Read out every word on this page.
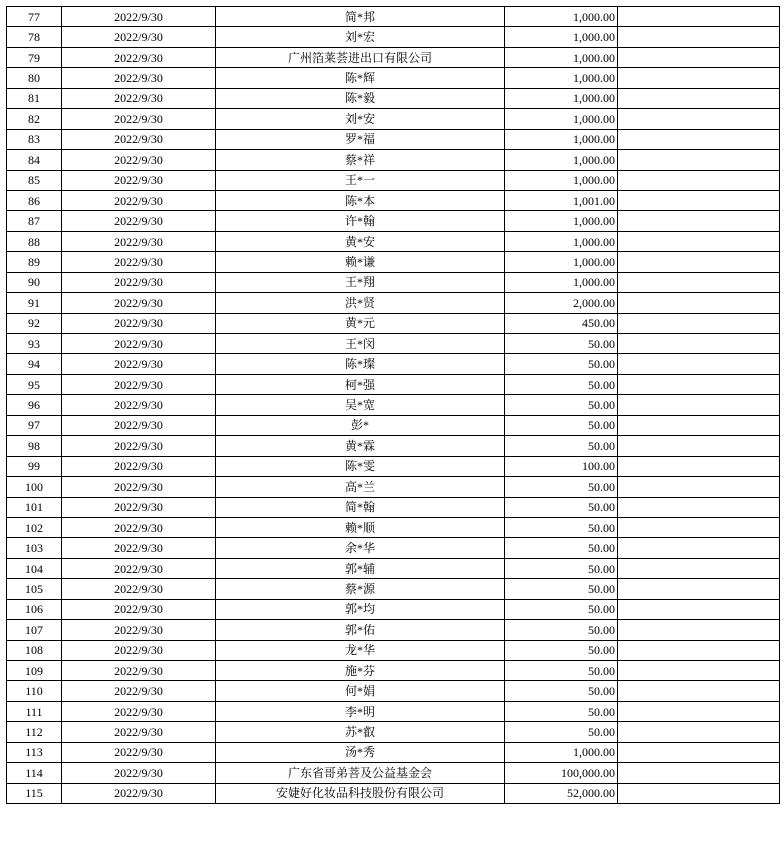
77	2022/9/30	简*邦	1,000.00	
78	2022/9/30	刘*宏	1,000.00	
79	2022/9/30	广州箔莱荟进出口有限公司	1,000.00	
80	2022/9/30	陈*辉	1,000.00	
81	2022/9/30	陈*毅	1,000.00	
82	2022/9/30	刘*安	1,000.00	
83	2022/9/30	罗*福	1,000.00	
84	2022/9/30	蔡*祥	1,000.00	
85	2022/9/30	王*一	1,000.00	
86	2022/9/30	陈*本	1,001.00	
87	2022/9/30	许*翰	1,000.00	
88	2022/9/30	黄*安	1,000.00	
89	2022/9/30	赖*谦	1,000.00	
90	2022/9/30	王*翔	1,000.00	
91	2022/9/30	洪*贤	2,000.00	
92	2022/9/30	黄*元	450.00	
93	2022/9/30	王*闵	50.00	
94	2022/9/30	陈*璨	50.00	
95	2022/9/30	柯*强	50.00	
96	2022/9/30	吴*宽	50.00	
97	2022/9/30	彭*	50.00	
98	2022/9/30	黄*霖	50.00	
99	2022/9/30	陈*雯	100.00	
100	2022/9/30	高*兰	50.00	
101	2022/9/30	简*翰	50.00	
102	2022/9/30	赖*顺	50.00	
103	2022/9/30	余*华	50.00	
104	2022/9/30	郭*辅	50.00	
105	2022/9/30	蔡*源	50.00	
106	2022/9/30	郭*均	50.00	
107	2022/9/30	郭*佑	50.00	
108	2022/9/30	龙*华	50.00	
109	2022/9/30	施*芬	50.00	
110	2022/9/30	何*娟	50.00	
111	2022/9/30	李*明	50.00	
112	2022/9/30	苏*叡	50.00	
113	2022/9/30	汤*秀	1,000.00	
114	2022/9/30	广东省哥弟菩及公益基金会	100,000.00	
115	2022/9/30	安婕好化妆品科技股份有限公司	52,000.00	
